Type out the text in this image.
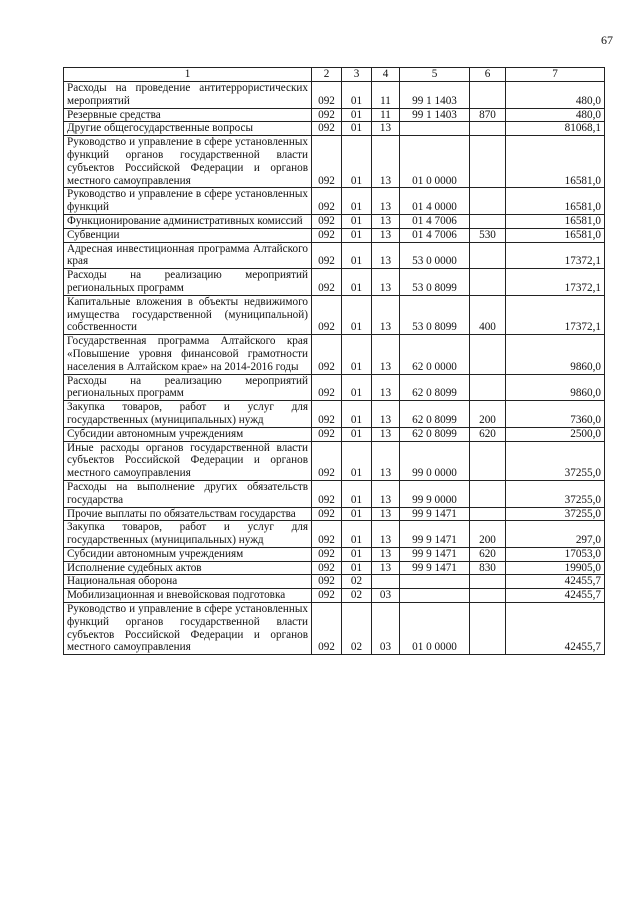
67
1	2	3	4	5	6	7
Расходы на проведение антитеррористических мероприятий	092	01	11	99 1 1403		480,0
Резервные средства	092	01	11	99 1 1403	870	480,0
Другие общегосударственные вопросы	092	01	13			81068,1
Руководство и управление в сфере установленных функций органов государственной власти субъектов Российской Федерации и органов местного самоуправления	092	01	13	01 0 0000		16581,0
Руководство и управление в сфере установленных функций	092	01	13	01 4 0000		16581,0
Функционирование административных комиссий	092	01	13	01 4 7006		16581,0
Субвенции	092	01	13	01 4 7006	530	16581,0
Адресная инвестиционная программа Алтайского края	092	01	13	53 0 0000		17372,1
Расходы на реализацию мероприятий региональных программ	092	01	13	53 0 8099		17372,1
Капитальные вложения в объекты недвижимого имущества государственной (муниципальной) собственности	092	01	13	53 0 8099	400	17372,1
Государственная программа Алтайского края «Повышение уровня финансовой грамотности населения в Алтайском крае» на 2014-2016 годы	092	01	13	62 0 0000		9860,0
Расходы на реализацию мероприятий региональных программ	092	01	13	62 0 8099		9860,0
Закупка товаров, работ и услуг для государственных (муниципальных) нужд	092	01	13	62 0 8099	200	7360,0
Субсидии автономным учреждениям	092	01	13	62 0 8099	620	2500,0
Иные расходы органов государственной власти субъектов Российской Федерации и органов местного самоуправления	092	01	13	99 0 0000		37255,0
Расходы на выполнение других обязательств государства	092	01	13	99 9 0000		37255,0
Прочие выплаты по обязательствам государства	092	01	13	99 9 1471		37255,0
Закупка товаров, работ и услуг для государственных (муниципальных) нужд	092	01	13	99 9 1471	200	297,0
Субсидии автономным учреждениям	092	01	13	99 9 1471	620	17053,0
Исполнение судебных актов	092	01	13	99 9 1471	830	19905,0
Национальная оборона	092	02				42455,7
Мобилизационная и вневойсковая подготовка	092	02	03			42455,7
Руководство и управление в сфере установленных функций органов государственной власти субъектов Российской Федерации и органов местного самоуправления	092	02	03	01 0 0000		42455,7
